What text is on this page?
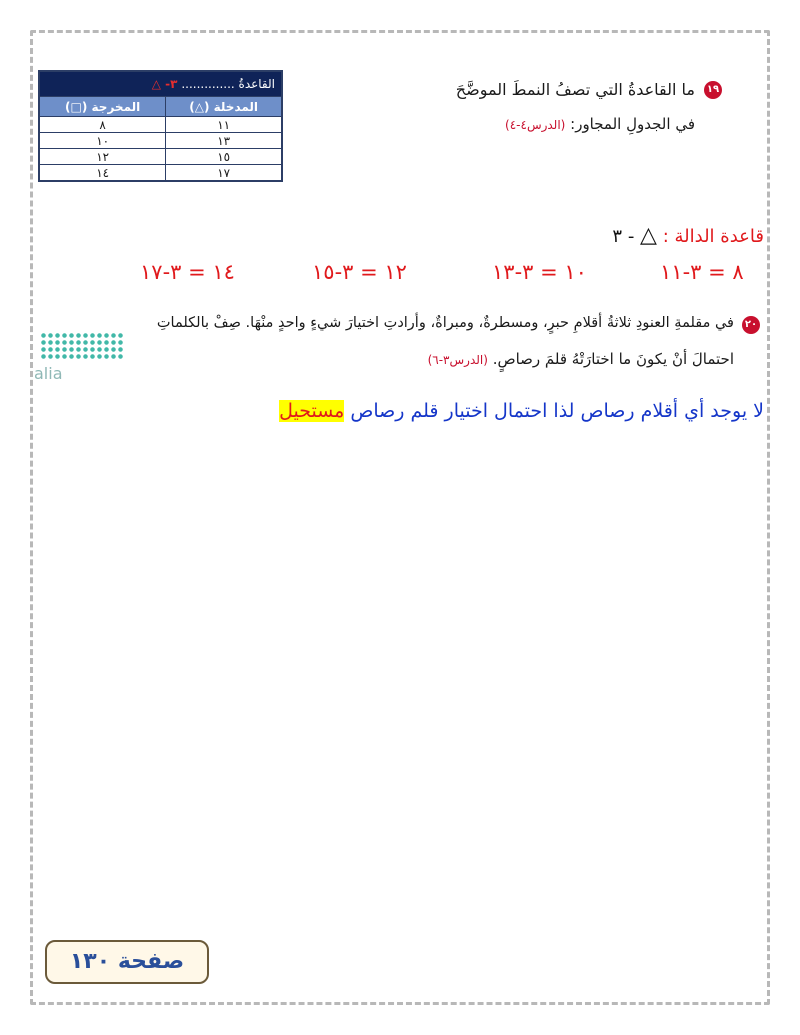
القاعدةُ .............. ٣- △	
المدخلة (△)	المخرجة (□)
١١	٨
١٣	١٠
١٥	١٢
١٧	١٤
١٩
ما القاعدةُ التي تصفُ النمطَ الموضَّحَ
في الجدولِ المجاور: (الدرس٤-٤)
قاعدة الدالة : △ - ٣
١٤ = ٣-١٧	١٢ = ٣-١٥	١٠ = ٣-١٣	٨ = ٣-١١
٢٠
في مقلمةِ العنودِ ثلاثةُ أقلامِ حبرٍ، ومسطرةٌ، ومبراةٌ، وأرادتِ اختيارَ شيءٍ واحدٍ منْهَا. صِفْ بالكلماتِ
احتمالَ أنْ يكونَ ما اختارَتْهُ قلمَ رصاصٍ. (الدرس٣-٦)
alia
لا يوجد أي أقلام رصاص لذا احتمال اختيار قلم رصاص مستحيل
صفحة ١٣٠
